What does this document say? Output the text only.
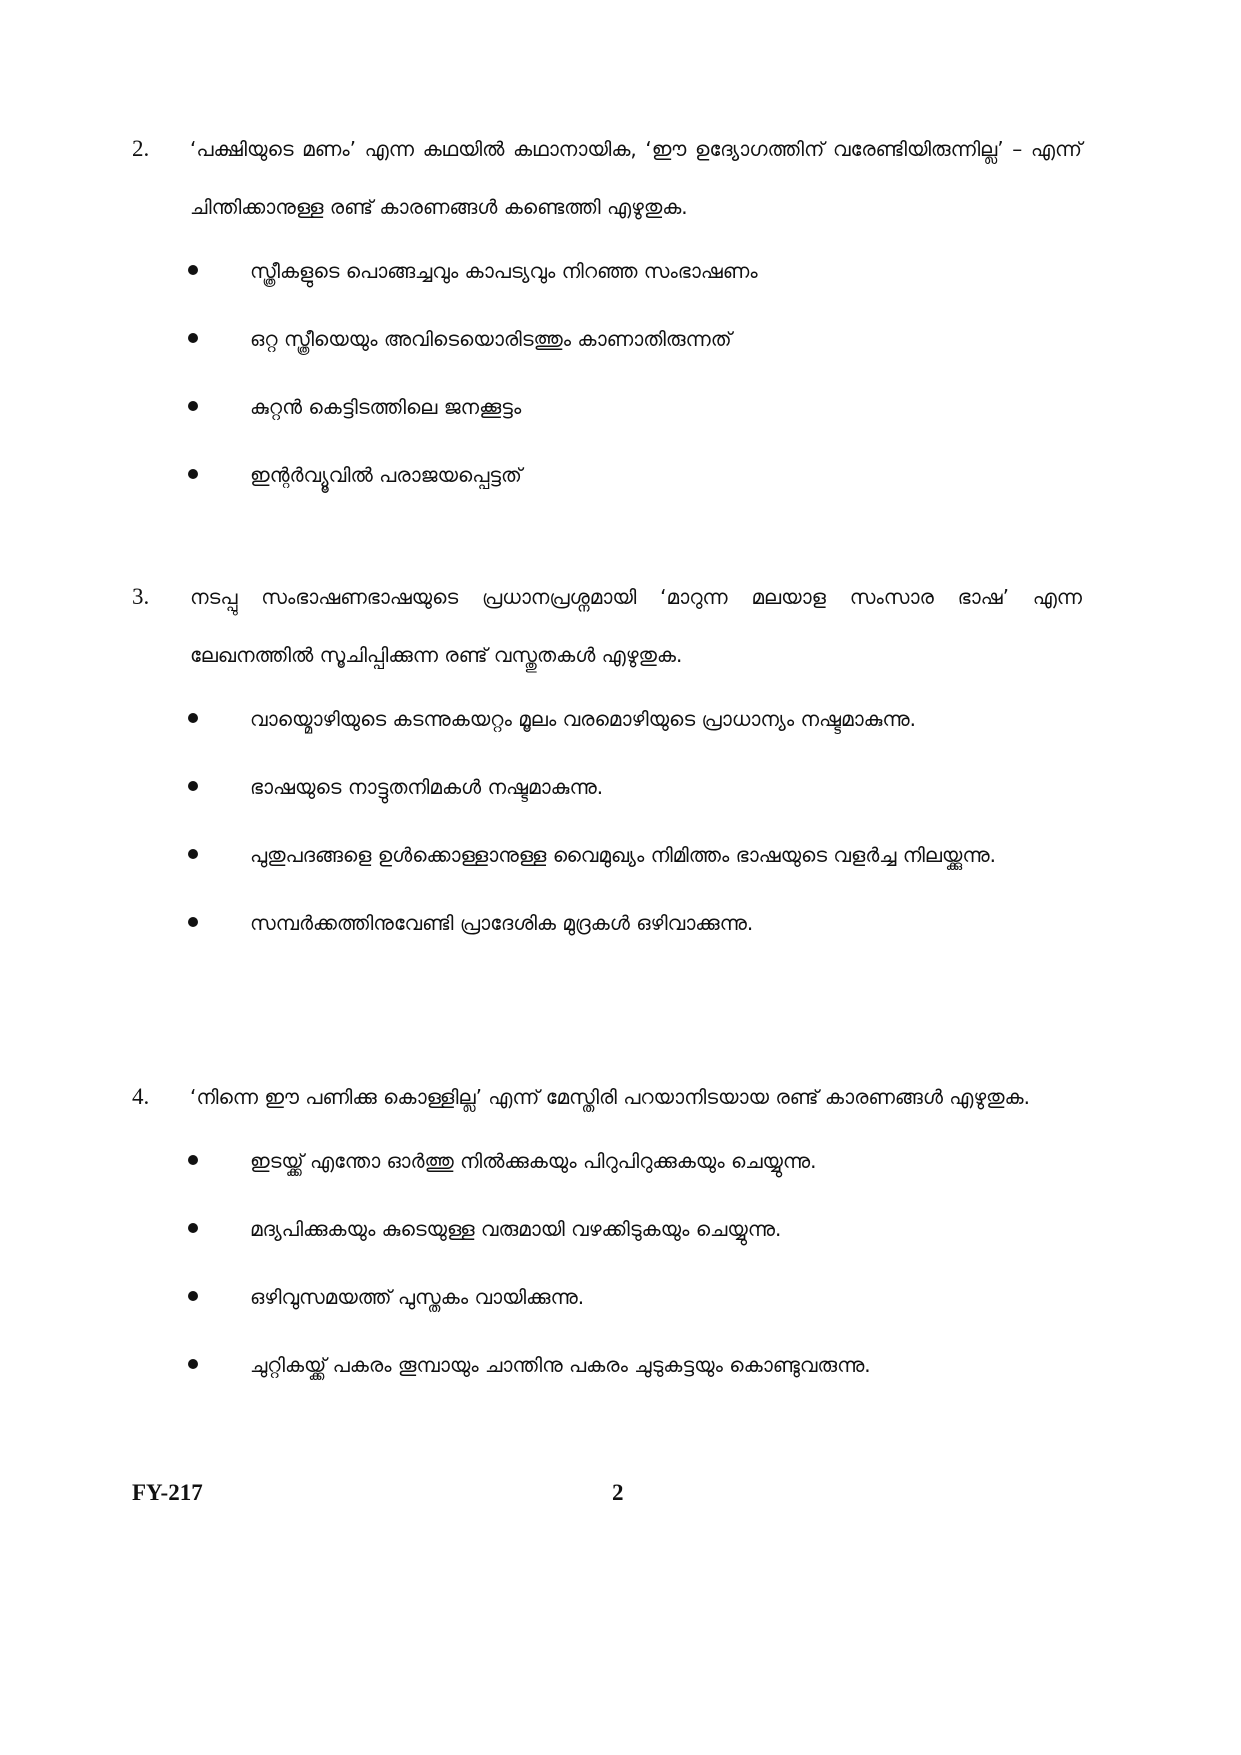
2.	‘പക്ഷിയുടെ മണം’ എന്ന കഥയിൽ കഥാനായിക, ‘ഈ ഉദ്യോഗത്തിന് വരേണ്ടിയിരുന്നില്ല’ – എന്ന് ചിന്തിക്കാനുള്ള രണ്ട് കാരണങ്ങൾ കണ്ടെത്തി എഴുതുക.
സ്ത്രീകളുടെ പൊങ്ങച്ചവും കാപട്യവും നിറഞ്ഞ സംഭാഷണം
ഒറ്റ സ്ത്രീയെയും അവിടെയൊരിടത്തും കാണാതിരുന്നത്
കുറ്റൻ കെട്ടിടത്തിലെ ജനക്കൂട്ടം
ഇന്റർവ്യൂവിൽ പരാജയപ്പെട്ടത്
3.	നടപ്പു സംഭാഷണഭാഷയുടെ പ്രധാനപ്രശ്നമായി ‘മാറുന്ന മലയാള സംസാര ഭാഷ’ എന്ന ലേഖനത്തിൽ സൂചിപ്പിക്കുന്ന രണ്ട് വസ്തുതകൾ എഴുതുക.
വായ്മൊഴിയുടെ കടന്നുകയറ്റം മൂലം വരമൊഴിയുടെ പ്രാധാന്യം നഷ്ടമാകുന്നു.
ഭാഷയുടെ നാട്ടുതനിമകൾ നഷ്ടമാകുന്നു.
പുതുപദങ്ങളെ ഉൾക്കൊള്ളാനുള്ള വൈമുഖ്യം നിമിത്തം ഭാഷയുടെ വളർച്ച നിലയ്ക്കുന്നു.
സമ്പർക്കത്തിനുവേണ്ടി പ്രാദേശിക മുദ്രകൾ ഒഴിവാക്കുന്നു.
4.	‘നിന്നെ ഈ പണിക്കു കൊള്ളില്ല’ എന്ന് മേസ്തിരി പറയാനിടയായ രണ്ട് കാരണങ്ങൾ എഴുതുക.
ഇടയ്ക്ക് എന്തോ ഓർത്തു നിൽക്കുകയും പിറുപിറുക്കുകയും ചെയ്യുന്നു.
മദ്യപിക്കുകയും കുടെയുള്ള വരുമായി വഴക്കിടുകയും ചെയ്യുന്നു.
ഒഴിവുസമയത്ത് പുസ്തകം വായിക്കുന്നു.
ചുറ്റികയ്ക്ക് പകരം തൂമ്പായും ചാന്തിനു പകരം ചുടുകട്ടയും കൊണ്ടുവരുന്നു.
FY-217	2
